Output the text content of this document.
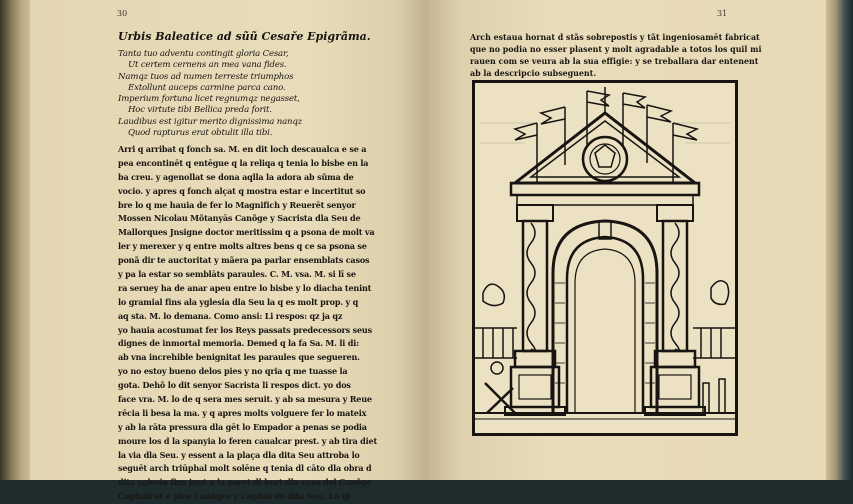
30
Urbis Baleatice ad sũũ Cesaře Epigrãma.
Tanta tuo adventu contingit gloria Cesar,
Ut certem cernens an mea vana fides.
Namqz tuos ad numen terreste triumphos
Extollunt auceps carmine parca cano.
Imperium fortuna licet regnumqz negasset,
Hoc virtute tibi Bellica preda forit.
Laudibus est igitur merito dignissima nanqz
Quod rapturus erat obtulit illa tibi.
Arri q arribat q fonch sa. M. en dit loch descaualca e se a
pea encontinēt q entēgue q la reliqa q tenia lo bisbe en la
ba creu. y agenollat se dona aqlla la adora ab sũma de
vocio. y apres q fonch alçat q mostra estar e incertitut so
bre lo q me hauia de fer lo Magnifich y Reuerēt senyor
Mossen Nicolau Mõtanyās Canõge y Sacrista dla Seu de
Mallorques Jnsigne doctor meritissim q a psona de molt va
ler y merexer y q entre molts altres bens q ce sa psona se
ponã dir te auctoritat y mãera pa parlar ensemblats casos
y pa la estar so semblāts paraules. C. M. vsa. M. si lī se
ra seruey ha de anar apeu entre lo bisbe y lo diacha tenint
lo gramial fins ala yglesia dla Seu la q es molt prop. y q
aq sta. M. lo demana. Como ansi: Li respos: qz ja qz
yo hauia acostumat fer los Reys passats predecessors seus
dignes de inmortal memoria. Demed q la fa Sa. M. li di:
ab vna increhible benignitat les paraules que segueren.
yo no estoy bueno delos pies y no qria q me tuasse la
gota. Dehõ lo dit senyor Sacrista li respos dict. yo dos
face vra. M. lo de q sera mes seruit. y ab sa mesura y Reue
rēcia li besa la ma. y q apres molts volguere fer lo mateix
y ab la rāta pressura dla gēt lo Empador a penas se podia
moure los d la spanyia lo feren caualcar prest. y ab tira diet
la via dla Seu. y essent a la plaça dla dita Seu attroba lo
seguēt arch triūphal molt solēne q tenia dl cāto dla obra d
dita yglesia fins junt a la paret dl hort dla casa del Canõge
Caphull et e plos Canõges y Capitol de dita Seu. Lo ql
31
Arch estaua hornat d stãs sobrepostis y tãt ingeniosamēt fabricat
que no podia no esser plasent y molt agradable a totos los quil mi
rauen com se veura ab la sua effigie: y se treballara dar entenent
ab la descripcio subseguent.
